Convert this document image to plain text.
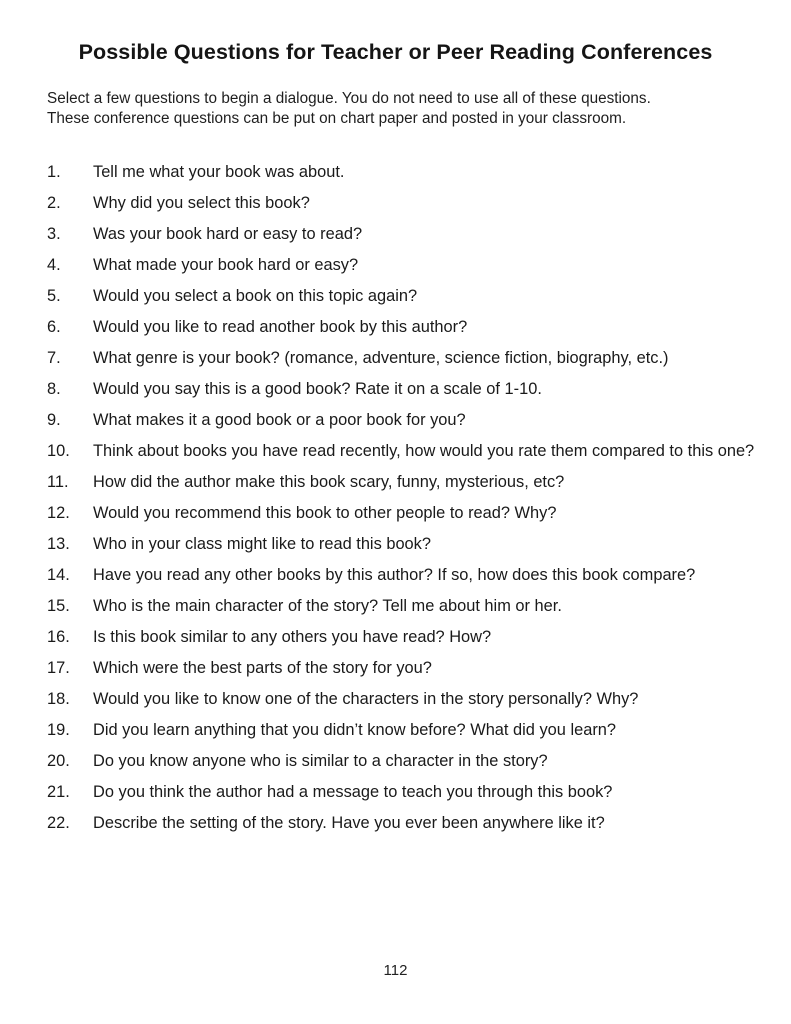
Possible Questions for Teacher or Peer Reading Conferences

Select a few questions to begin a dialogue. You do not need to use all of these questions.

These conference questions can be put on chart paper and posted in your classroom.

1.	Tell me what your book was about.
2.	Why did you select this book?
3.	Was your book hard or easy to read?
4.	What made your book hard or easy?
5.	Would you select a book on this topic again?
6.	Would you like to read another book by this author?
7.	What genre is your book? (romance, adventure, science fiction, biography, etc.)
8.	Would you say this is a good book? Rate it on a scale of 1-10.
9.	What makes it a good book or a poor book for you?
10.	Think about books you have read recently, how would you rate them compared to this one?
11.	How did the author make this book scary, funny, mysterious, etc?
12.	Would you recommend this book to other people to read? Why?
13.	Who in your class might like to read this book?
14.	Have you read any other books by this author? If so, how does this book compare?
15.	Who is the main character of the story? Tell me about him or her.
16.	Is this book similar to any others you have read? How?
17.	Which were the best parts of the story for you?
18.	Would you like to know one of the characters in the story personally? Why?
19.	Did you learn anything that you didn’t know before? What did you learn?
20.	Do you know anyone who is similar to a character in the story?
21.	Do you think the author had a message to teach you through this book?
22.	Describe the setting of the story. Have you ever been anywhere like it?
112
